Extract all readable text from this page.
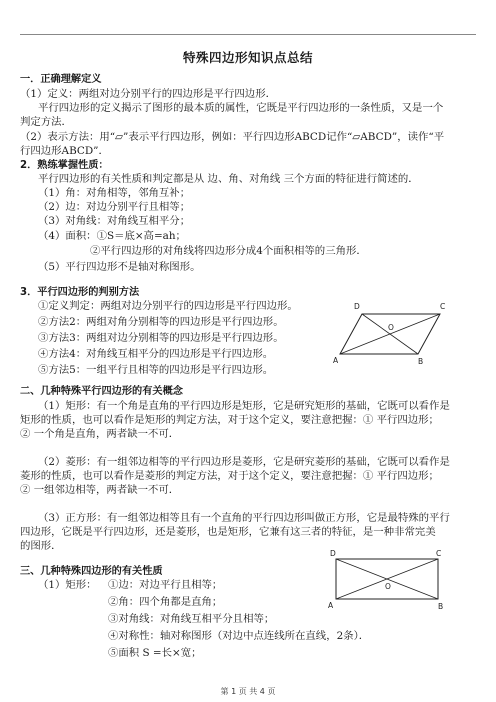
特殊四边形知识点总结
一．正确理解定义
（1）定义：两组对边分别平行的四边形是平行四边形．
平行四边形的定义揭示了图形的最本质的属性，它既是平行四边形的一条性质，又是一个
判定方法．
（2）表示方法：用“▱”表示平行四边形，例如：平行四边形ABCD记作“▱ABCD”，读作“平
行四边形ABCD”．
2．熟练掌握性质：
平行四边形的有关性质和判定都是从 边、角、对角线 三个方面的特征进行简述的．
（1）角：对角相等，邻角互补；
（2）边：对边分别平行且相等；
（3）对角线：对角线互相平分；
（4）面积：①S＝底×高=ah；
②平行四边形的对角线将四边形分成4个面积相等的三角形．
（5）平行四边形不是轴对称图形。
3．平行四边形的判别方法
①定义判定：两组对边分别平行的四边形是平行四边形。
②方法2：两组对角分别相等的四边形是平行四边形。
③方法3：两组对边分别相等的四边形是平行四边形。
④方法4：对角线互相平分的四边形是平行四边形。
⑤方法5：一组平行且相等的四边形是平行四边形。
D	C
O
A	B
二、几种特殊平行四边形的有关概念
（1）矩形：有一个角是直角的平行四边形是矩形，它是研究矩形的基础，它既可以看作是
矩形的性质，也可以看作是矩形的判定方法，对于这个定义，要注意把握：① 平行四边形；
② 一个角是直角，两者缺一不可．
（2）菱形：有一组邻边相等的平行四边形是菱形，它是研究菱形的基础，它既可以看作是
菱形的性质，也可以看作是菱形的判定方法，对于这个定义，要注意把握：① 平行四边形；
② 一组邻边相等，两者缺一不可．
（3）正方形：有一组邻边相等且有一个直角的平行四边形叫做正方形，它是最特殊的平行
四边形，它既是平行四边形，还是菱形，也是矩形，它兼有这三者的特征，是一种非常完美
的图形．
三、几种特殊四边形的有关性质
（1）矩形： ①边：对边平行且相等；
②角：四个角都是直角；
③对角线：对角线互相平分且相等；
④对称性：轴对称图形（对边中点连线所在直线，2条）．
⑤面积 S =长×宽；
D	C
O
A	B
第 1 页 共 4 页
